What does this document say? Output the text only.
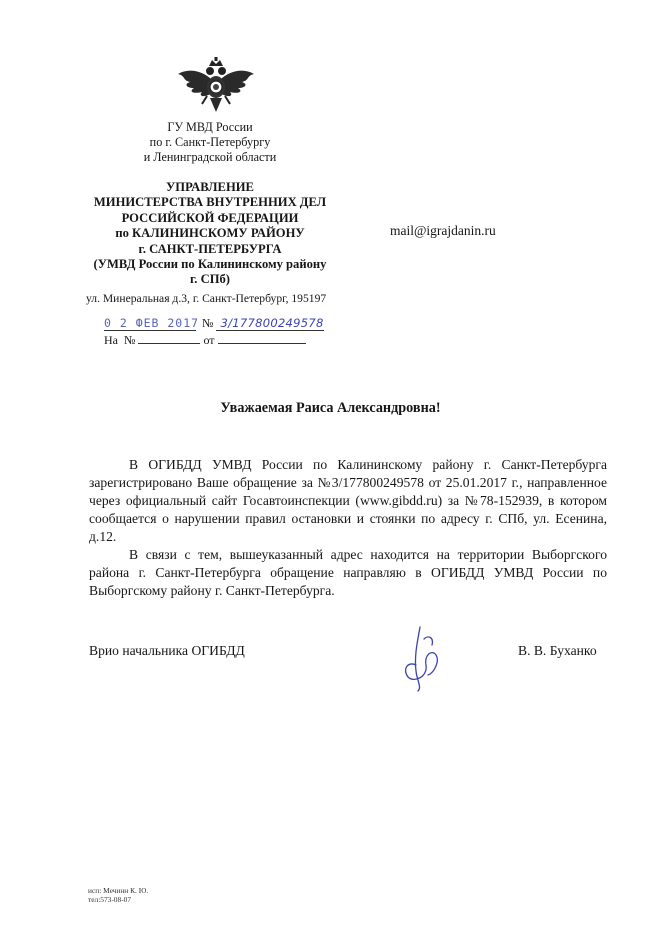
ГУ МВД России
по г. Санкт-Петербургу
и Ленинградской области
УПРАВЛЕНИЕ
МИНИСТЕРСТВА ВНУТРЕННИХ ДЕЛ
РОССИЙСКОЙ ФЕДЕРАЦИИ
по КАЛИНИНСКОМУ РАЙОНУ
г. САНКТ-ПЕТЕРБУРГА
(УМВД России по Калининскому району
г. СПб)
ул. Минеральная д.3, г. Санкт-Петербург, 195197
0 2 ФЕВ 2017 № 3/177800249578
На №	от
mail@igrajdanin.ru
Уважаемая Раиса Александровна!

В ОГИБДД УМВД России по Калининскому району г. Санкт-Петербурга зарегистрировано Ваше обращение за №3/177800249578 от 25.01.2017 г., направленное через официальный сайт Госавтоинспекции (www.gibdd.ru) за №78-152939, в котором сообщается о нарушении правил остановки и стоянки по адресу г. СПб, ул. Есенина, д.12.

В связи с тем, вышеуказанный адрес находится на территории Выборгского района г. Санкт-Петербурга обращение направляю в ОГИБДД УМВД России по Выборгскому району г. Санкт-Петербурга.

Врио начальника ОГИБДД	В. В. Буханко
исп: Мечинн К. Ю.
тел:573-08-07
